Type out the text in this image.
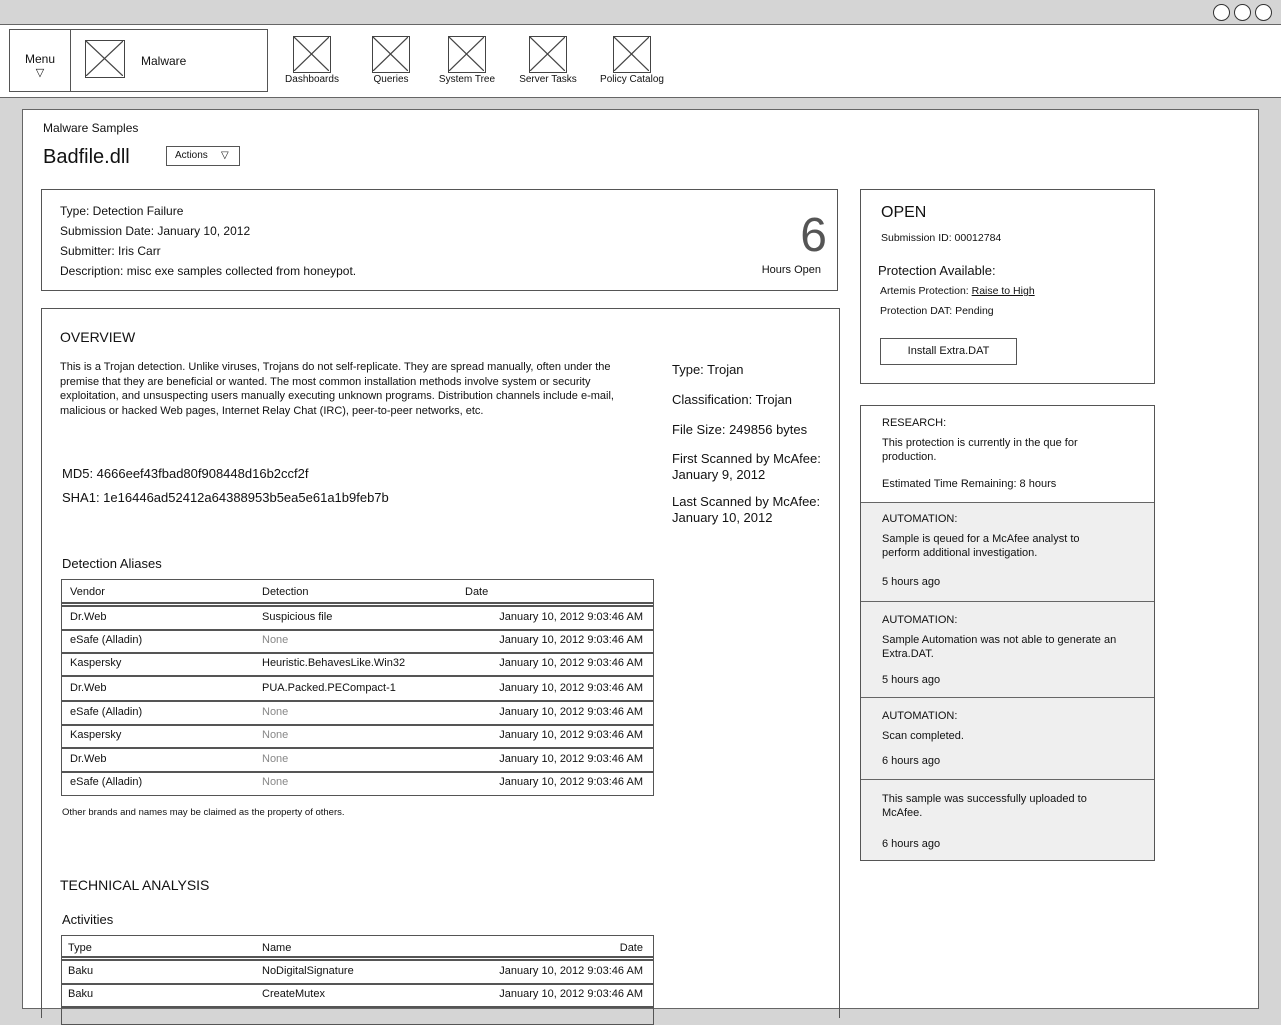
Menu
▽
Malware
Dashboards	Queries	System Tree	Server Tasks	Policy Catalog
Malware Samples
Badfile.dll	Actions ▽
Type: Detection Failure
Submission Date: January 10, 2012
Submitter: Iris Carr
Description: misc exe samples collected from honeypot.
6
Hours Open
OVERVIEW
This is a Trojan detection. Unlike viruses, Trojans do not self-replicate. They are spread manually, often under the premise that they are beneficial or wanted. The most common installation methods involve system or security exploitation, and unsuspecting users manually executing unknown programs. Distribution channels include e-mail, malicious or hacked Web pages, Internet Relay Chat (IRC), peer-to-peer networks, etc.
MD5: 4666eef43fbad80f908448d16b2ccf2f
SHA1: 1e16446ad52412a64388953b5ea5e61a1b9feb7b
Type: Trojan
Classification: Trojan
File Size: 249856 bytes
First Scanned by McAfee:
January 9, 2012
Last Scanned by McAfee:
January 10, 2012
Detection Aliases
Vendor	Detection	Date
Dr.Web	Suspicious file	January 10, 2012 9:03:46 AM
eSafe (Alladin)	None	January 10, 2012 9:03:46 AM
Kaspersky	Heuristic.BehavesLike.Win32	January 10, 2012 9:03:46 AM
Dr.Web	PUA.Packed.PECompact-1	January 10, 2012 9:03:46 AM
eSafe (Alladin)	None	January 10, 2012 9:03:46 AM
Kaspersky	None	January 10, 2012 9:03:46 AM
Dr.Web	None	January 10, 2012 9:03:46 AM
eSafe (Alladin)	None	January 10, 2012 9:03:46 AM
Other brands and names may be claimed as the property of others.
TECHNICAL ANALYSIS
Activities
Type	Name	Date
Baku	NoDigitalSignature	January 10, 2012 9:03:46 AM
Baku	CreateMutex	January 10, 2012 9:03:46 AM
OPEN
Submission ID: 00012784
Protection Available:
Artemis Protection: Raise to High
Protection DAT: Pending
Install Extra.DAT
RESEARCH:
This protection is currently in the que for production.
Estimated Time Remaining: 8 hours
AUTOMATION:
Sample is qeued for a McAfee analyst to perform additional investigation.
5 hours ago
AUTOMATION:
Sample Automation was not able to generate an Extra.DAT.
5 hours ago
AUTOMATION:
Scan completed.
6 hours ago
This sample was successfully uploaded to McAfee.
6 hours ago
